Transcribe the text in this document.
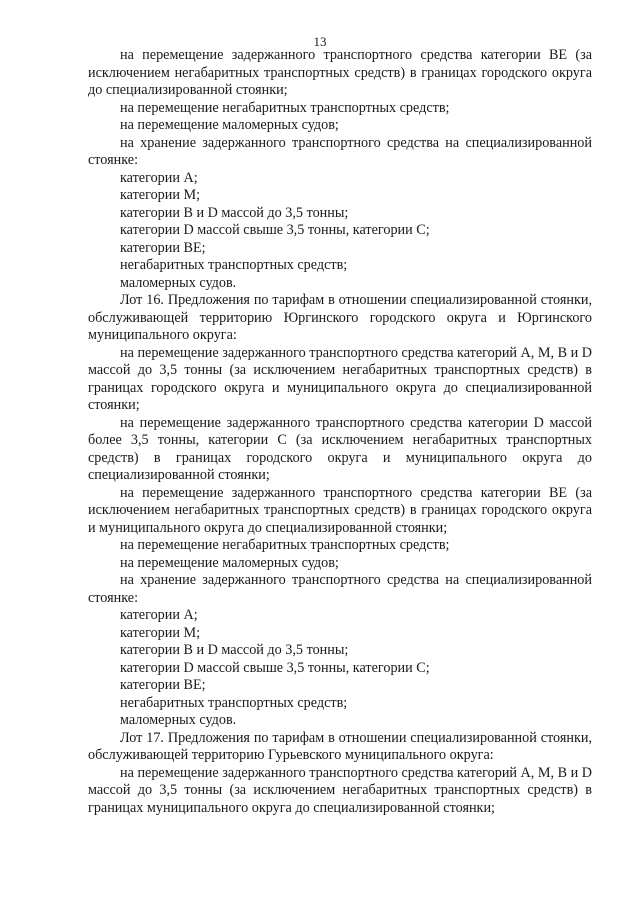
13

на перемещение задержанного транспортного средства категории BE (за исключением негабаритных транспортных средств) в границах городского округа до специализированной стоянки;

на перемещение негабаритных транспортных средств;

на перемещение маломерных судов;

на хранение задержанного транспортного средства на специализированной стоянке:

категории А;

категории М;

категории В и D массой до 3,5 тонны;

категории D массой свыше 3,5 тонны, категории С;

категории BE;

негабаритных транспортных средств;

маломерных судов.

Лот 16. Предложения по тарифам в отношении специализированной стоянки, обслуживающей территорию Юргинского городского округа и Юргинского муниципального округа:

на перемещение задержанного транспортного средства категорий А, М, В и D массой до 3,5 тонны (за исключением негабаритных транспортных средств) в границах городского округа и муниципального округа до специализированной стоянки;

на перемещение задержанного транспортного средства категории D массой более 3,5 тонны, категории С (за исключением негабаритных транспортных средств) в границах городского округа и муниципального округа до специализированной стоянки;

на перемещение задержанного транспортного средства категории BE (за исключением негабаритных транспортных средств) в границах городского округа и муниципального округа до специализированной стоянки;

на перемещение негабаритных транспортных средств;

на перемещение маломерных судов;

на хранение задержанного транспортного средства на специализированной стоянке:

категории А;

категории М;

категории В и D массой до 3,5 тонны;

категории D массой свыше 3,5 тонны, категории С;

категории BE;

негабаритных транспортных средств;

маломерных судов.

Лот 17. Предложения по тарифам в отношении специализированной стоянки, обслуживающей территорию Гурьевского муниципального округа:

на перемещение задержанного транспортного средства категорий А, М, В и D массой до 3,5 тонны (за исключением негабаритных транспортных средств) в границах муниципального округа до специализированной стоянки;
